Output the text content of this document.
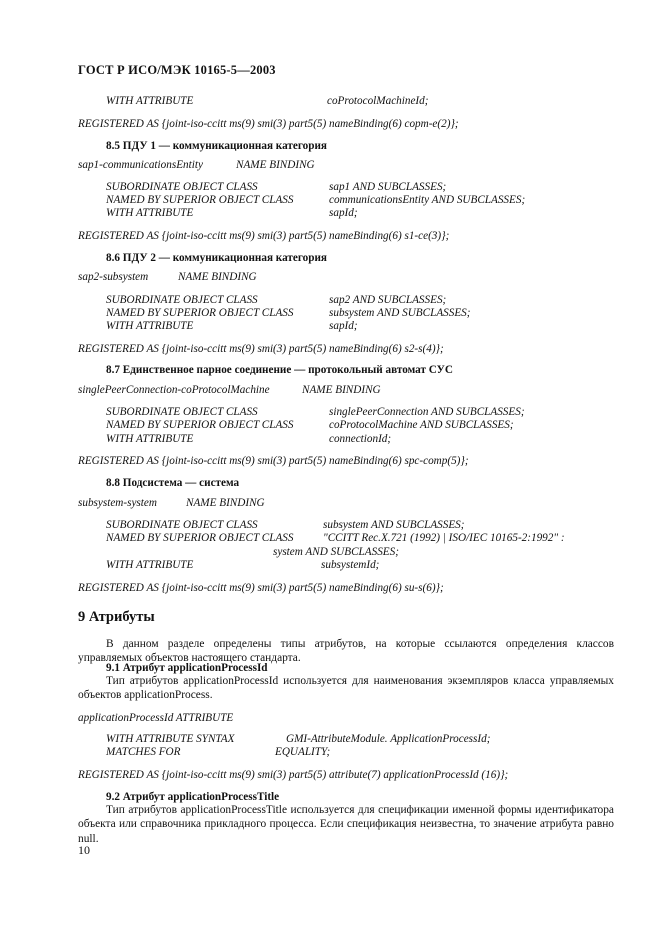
ГОСТ Р ИСО/МЭК 10165-5—2003
WITH ATTRIBUTE	coProtocolMachineId;
REGISTERED AS {joint-iso-ccitt ms(9) smi(3) part5(5) nameBinding(6) copm-e(2)};
8.5 ПДУ 1 — коммуникационная категория
sap1-communicationsEntity	NAME BINDING
SUBORDINATE OBJECT CLASS	sap1 AND SUBCLASSES;
NAMED BY SUPERIOR OBJECT CLASS	communicationsEntity AND SUBCLASSES;
WITH ATTRIBUTE	sapId;
REGISTERED AS {joint-iso-ccitt ms(9) smi(3) part5(5) nameBinding(6) s1-ce(3)};
8.6 ПДУ 2 — коммуникационная категория
sap2-subsystem	NAME BINDING
SUBORDINATE OBJECT CLASS	sap2 AND SUBCLASSES;
NAMED BY SUPERIOR OBJECT CLASS	subsystem AND SUBCLASSES;
WITH ATTRIBUTE	sapId;
REGISTERED AS {joint-iso-ccitt ms(9) smi(3) part5(5) nameBinding(6) s2-s(4)};
8.7 Единственное парное соединение — протокольный автомат СУС
singlePeerConnection-coProtocolMachine	NAME BINDING
SUBORDINATE OBJECT CLASS	singlePeerConnection AND SUBCLASSES;
NAMED BY SUPERIOR OBJECT CLASS	coProtocolMachine AND SUBCLASSES;
WITH ATTRIBUTE	connectionId;
REGISTERED AS {joint-iso-ccitt ms(9) smi(3) part5(5) nameBinding(6) spc-comp(5)};
8.8 Подсистема — система
subsystem-system	NAME BINDING
SUBORDINATE OBJECT CLASS	subsystem AND SUBCLASSES;
NAMED BY SUPERIOR OBJECT CLASS	"CCITT Rec.X.721 (1992) | ISO/IEC 10165-2:1992" :
system AND SUBCLASSES;
WITH ATTRIBUTE	subsystemId;
REGISTERED AS {joint-iso-ccitt ms(9) smi(3) part5(5) nameBinding(6) su-s(6)};
9 Атрибуты
В данном разделе определены типы атрибутов, на которые ссылаются определения классов управляемых объектов настоящего стандарта.
9.1 Атрибут applicationProcessId
Тип атрибутов applicationProcessId используется для наименования экземпляров класса управляемых объектов applicationProcess.
applicationProcessId ATTRIBUTE
WITH ATTRIBUTE SYNTAX	GMI-AttributeModule. ApplicationProcessId;
MATCHES FOR	EQUALITY;
REGISTERED AS {joint-iso-ccitt ms(9) smi(3) part5(5) attribute(7) applicationProcessId (16)};
9.2 Атрибут applicationProcessTitle
Тип атрибутов applicationProcessTitle используется для спецификации именной формы идентификатора объекта или справочника прикладного процесса. Если спецификация неизвестна, то значение атрибута равно null.
10
